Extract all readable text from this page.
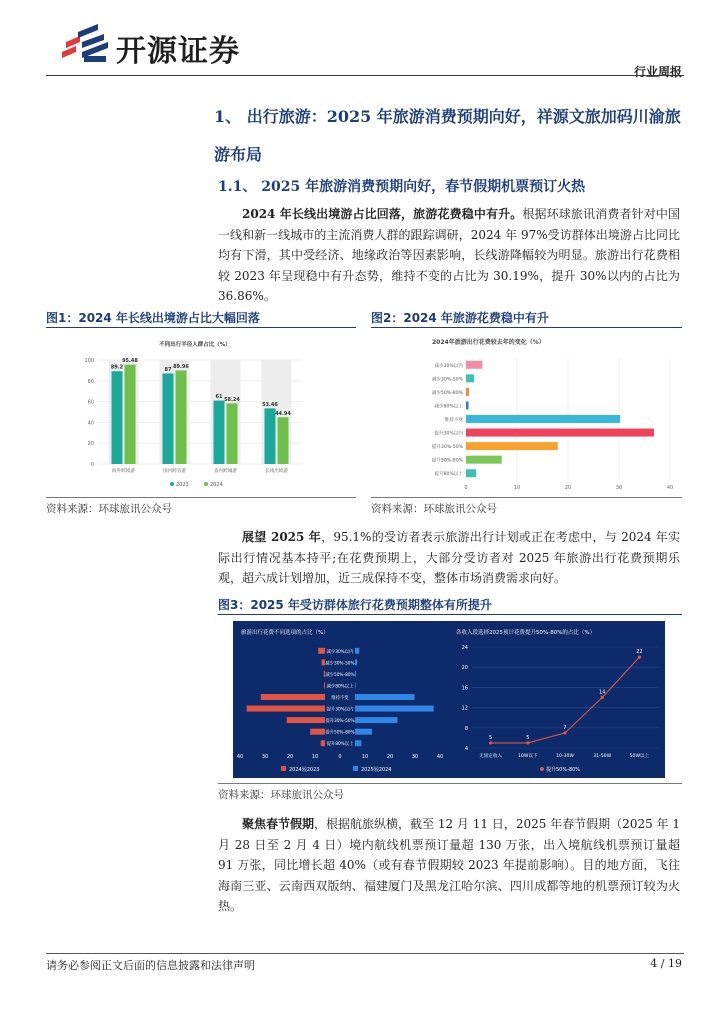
开源证券
行业周报
1、 出行旅游：2025 年旅游消费预期向好，祥源文旅加码川渝旅游布局
1.1、 2025 年旅游消费预期向好，春节假期机票预订火热
2024 年长线出境游占比回落，旅游花费稳中有升。根据环球旅讯消费者针对中国一线和新一线城市的主流消费人群的跟踪调研，2024 年 97%受访群体出境游占比同比均有下滑，其中受经济、地缘政治等因素影响，长线游降幅较为明显。旅游出行花费相较 2023 年呈现稳中有升态势，维持不变的占比为 30.19%，提升 30%以内的占比为 36.86%。
图1：2024 年长线出境游占比大幅回落	图2：2024 年旅游花费稳中有升
不同出行半径人群占比（%）
0
20
40
60
80
100
89.2
95.48
海外跨境游
87
89.96
国内跨省游
61 58.24
省内跨城游
53.46
44.94
长线出境游
2023	2024
2024年旅游出行花费较去年的变化（%）
0	10	20	30	40
减少30%以内
减少30%-50%
减少50%-80%
减少80%以上
维持不变
提升30%以内
提升30%-50%
提升50%-80%
提升80%以上
资料来源：环球旅讯公众号	资料来源：环球旅讯公众号
展望 2025 年，95.1%的受访者表示旅游出行计划或正在考虑中，与 2024 年实际出行情况基本持平;在花费预期上，大部分受访者对 2025 年旅游出行花费预期乐观，超六成计划增加，近三成保持不变，整体市场消费需求向好。
图3：2025 年受访群体旅行花费预期整体有所提升
旅游出行花费不同选项的占比（%）
40	30	20	10	0	10	20	30	40
减少30%以内
减少30%-50%
减少50%-80%
减少80%以上
维持不变
提升30%以内
提升30%-50%
提升50%-80%
提升80%以上
2024较2023	2025较2024
各收入段选择2025预计花费提升50%-80%的占比（%）
4
8
12
16
20
24
5
无固定收入
5
10W以下
7
10-30W
14
31-50W
22
50W以上
提升50%-80%
资料来源：环球旅讯公众号
聚焦春节假期，根据航旅纵横，截至 12 月 11 日，2025 年春节假期（2025 年 1 月 28 日至 2 月 4 日）境内航线机票预订量超 130 万张，出入境航线机票预订量超 91 万张，同比增长超 40%（或有春节假期较 2023 年提前影响）。目的地方面，飞往海南三亚、云南西双版纳、福建厦门及黑龙江哈尔滨、四川成都等地的机票预订较为火热。
请务必参阅正文后面的信息披露和法律声明	4 / 19
